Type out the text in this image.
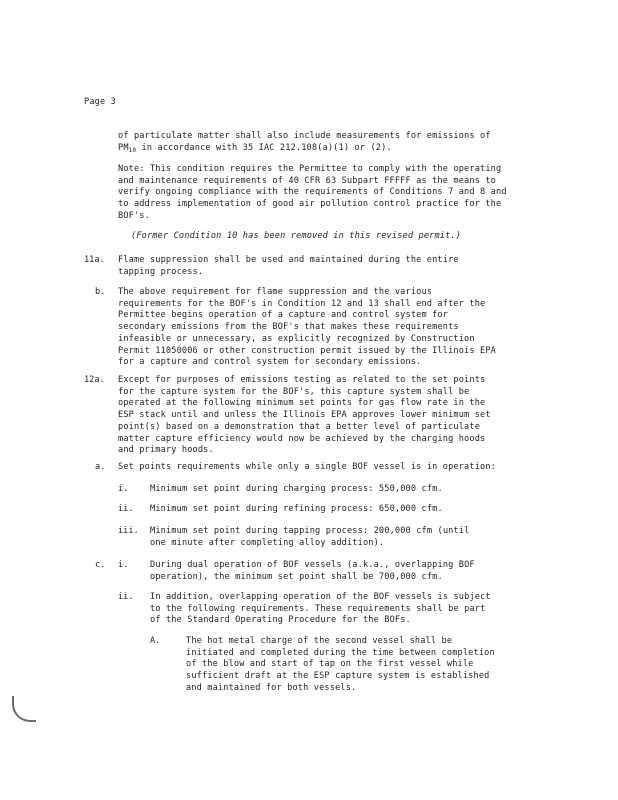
Page 3
of particulate matter shall also include measurements for emissions of
$PM_{10}$ in accordance with 35 IAC 212.108(a)(1) or (2).
Note: This condition requires the Permittee to comply with the operating
and maintenance requirements of 40 CFR 63 Subpart FFFFF as the means to
verify ongoing compliance with the requirements of Conditions 7 and 8 and
to address implementation of good air pollution control practice for the
BOF's.
(Former Condition 10 has been removed in this revised permit.)
11a. Flame suppression shall be used and maintained during the entire
tapping process.
b. The above requirement for flame suppression and the various
requirements for the BOF's in Condition 12 and 13 shall end after the
Permittee begins operation of a capture and control system for
secondary emissions from the BOF's that makes these requirements
infeasible or unnecessary, as explicitly recognized by Construction
Permit 11050006 or other construction permit issued by the Illinois EPA
for a capture and control system for secondary emissions.
12a. Except for purposes of emissions testing as related to the set points
for the capture system for the BOF's, this capture system shall be
operated at the following minimum set points for gas flow rate in the
ESP stack until and unless the Illinois EPA approves lower minimum set
point(s) based on a demonstration that a better level of particulate
matter capture efficiency would now be achieved by the charging hoods
and primary hoods.
a. Set points requirements while only a single BOF vessel is in operation:
i.	Minimum set point during charging process: 550,000 cfm.
ii. Minimum set point during refining process: 650,000 cfm.
iii. Minimum set point during tapping process: 200,000 cfm (until
one minute after completing alloy addition).
c. i.	During dual operation of BOF vessels (a.k.a., overlapping BOF
operation), the minimum set point shall be 700,000 cfm.
ii. In addition, overlapping operation of the BOF vessels is subject
to the following requirements. These requirements shall be part
of the Standard Operating Procedure for the BOFs.
A.	The hot metal charge of the second vessel shall be
initiated and completed during the time between completion
of the blow and start of tap on the first vessel while
sufficient draft at the ESP capture system is established
and maintained for both vessels.
